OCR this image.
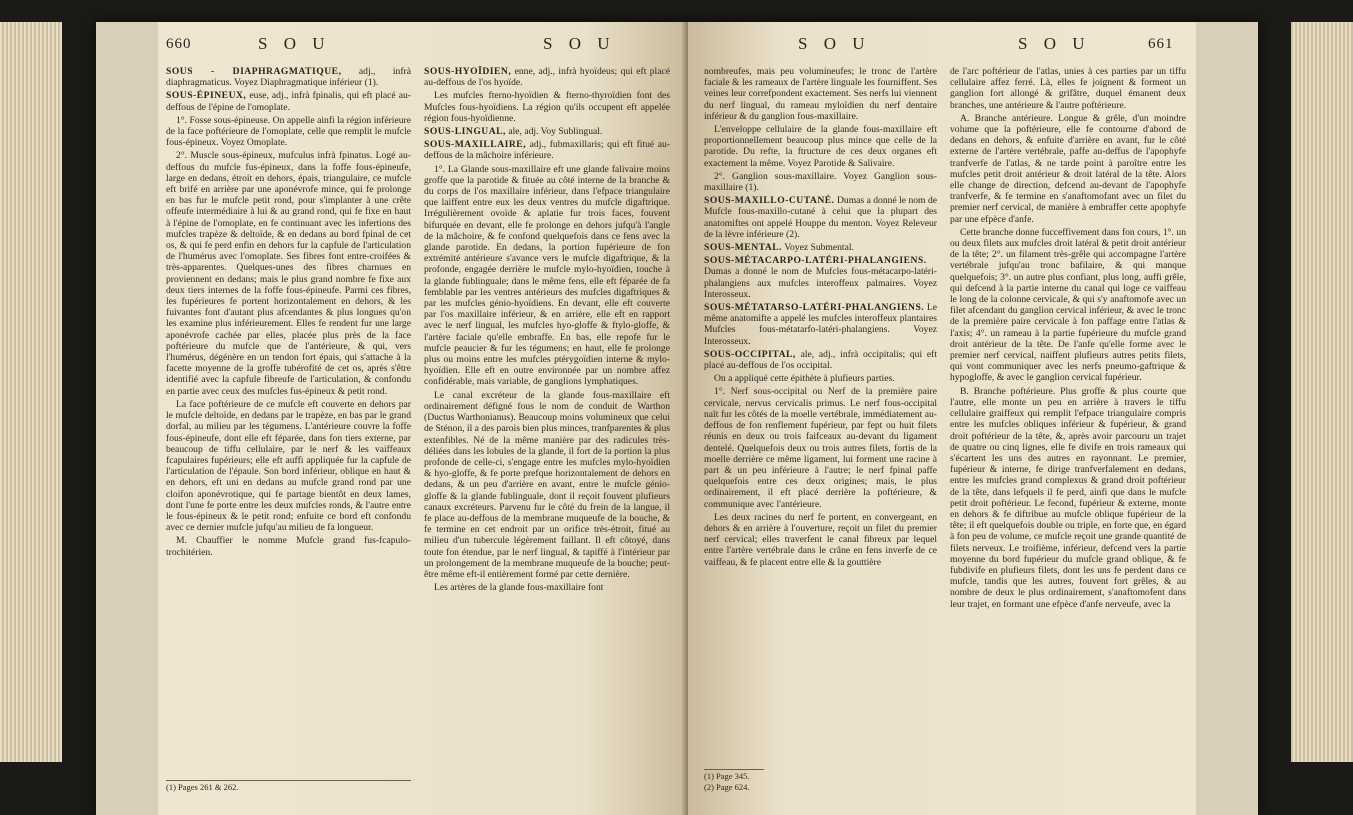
660	S O U	S O U

SOUS - DIAPHRAGMATIQUE, adj., infrà diaphragmaticus. Voyez Diaphragmatique inférieur (1).

SOUS-ÉPINEUX, euse, adj., infrà fpinalis, qui eft placé au-deffous de l'épine de l'omoplate.

1°. Fosse sous-épineuse. On appelle ainfi la région inférieure de la face poftérieure de l'omoplate, celle que remplit le mufcle fous-épineux. Voyez Omoplate.

2°. Muscle sous-épineux, mufculus infrà fpinatus. Logé au-deffous du mufcle fus-épineux, dans la foffe fous-épineufe, large en dedans, étroit en dehors, épais, triangulaire, ce mufcle eft brifé en arrière par une aponévrofe mince, qui fe prolonge en bas fur le mufcle petit rond, pour s'implanter à une crête offeufe intermédiaire à lui & au grand rond, qui fe fixe en haut à l'épine de l'omoplate, en fe continuant avec les infertions des mufcles trapèze & deltoïde, & en dedans au bord fpinal de cet os, & qui fe perd enfin en dehors fur la capfule de l'articulation de l'humérus avec l'omoplate. Ses fibres font entre-croifées & très-apparentes. Quelques-unes des fibres charnues en proviennent en dedans; mais le plus grand nombre fe fixe aux deux tiers internes de la foffe fous-épineufe. Parmi ces fibres, les fupérieures fe portent horizontalement en dehors, & les fuivantes font d'autant plus afcendantes & plus longues qu'on les examine plus inférieurement. Elles fe rendent fur une large aponévrofe cachée par elles, placée plus près de la face poftérieure du mufcle que de l'antérieure, & qui, vers l'humérus, dégénère en un tendon fort épais, qui s'attache à la facette moyenne de la groffe tubérofité de cet os, après s'être identifié avec la capfule fibreufe de l'articulation, & confondu en partie avec ceux des mufcles fus-épineux & petit rond.

La face poftérieure de ce mufcle eft couverte en dehors par le mufcle deltoïde, en dedans par le trapèze, en bas par le grand dorfal, au milieu par les tégumens. L'antérieure couvre la foffe fous-épineufe, dont elle eft féparée, dans fon tiers externe, par beaucoup de tiffu cellulaire, par le nerf & les vaiffeaux fcapulaires fupérieurs; elle eft auffi appliquée fur la capfule de l'articulation de l'épaule. Son bord inférieur, oblique en haut & en dehors, eft uni en dedans au mufcle grand rond par une cloifon aponévrotique, qui fe partage bientôt en deux lames, dont l'une fe porte entre les deux mufcles ronds, & l'autre entre le fous-épineux & le petit rond; enfuite ce bord eft confondu avec ce dernier mufcle jufqu'au milieu de fa longueur.

M. Chauffier le nomme Mufcle grand fus-fcapulo-trochitérien.

(1) Pages 261 & 262.

SOUS-HYOÏDIEN, enne, adj., infrà hyoïdeus; qui eft placé au-deffous de l'os hyoïde.

Les mufcles fterno-hyoïdien & fterno-thyroïdien font des Mufcles fous-hyoïdiens. La région qu'ils occupent eft appelée région fous-hyoïdienne.

SOUS-LINGUAL, ale, adj. Voy Sublingual.

SOUS-MAXILLAIRE, adj., fubmaxillaris; qui eft fitué au-deffous de la mâchoire inférieure.

1°. La Glande sous-maxillaire eft une glande falivaire moins groffe que la parotide & fituée au côté interne de la branche & du corps de l'os maxillaire inférieur, dans l'efpace triangulaire que laiffent entre eux les deux ventres du mufcle digaftrique. Irrégulièrement ovoïde & aplatie fur trois faces, fouvent bifurquée en devant, elle fe prolonge en dehors jufqu'à l'angle de la mâchoire, & fe confond quelquefois dans ce fens avec la glande parotide. En dedans, la portion fupérieure de fon extrémité antérieure s'avance vers le mufcle digaftrique, & la profonde, engagée derrière le mufcle mylo-hyoïdien, touche à la glande fublinguale; dans le même fens, elle eft féparée de fa femblable par les ventres antérieurs des mufcles digaftriques & par les mufcles génio-hyoïdiens. En devant, elle eft couverte par l'os maxillaire inférieur, & en arrière, elle eft en rapport avec le nerf lingual, les mufcles hyo-gloffe & ftylo-gloffe, & l'artère faciale qu'elle embraffe. En bas, elle repofe fur le mufcle peaucier & fur les tégumens; en haut, elle fe prolonge plus ou moins entre les mufcles ptérygoïdien interne & mylo-hyoïdien. Elle eft en outre environnée par un nombre affez confidérable, mais variable, de ganglions lymphatiques.

Le canal excréteur de la glande fous-maxillaire eft ordinairement défigné fous le nom de conduit de Warthon (Ductus Warthonianus). Beaucoup moins volumineux que celui de Sténon, il a des parois bien plus minces, tranfparentes & plus extenfibles. Né de la même manière par des radicules très-déliées dans les lobules de la glande, il fort de la portion la plus profonde de celle-ci, s'engage entre les mufcles mylo-hyoïdien & hyo-gloffe, & fe porte prefque horizontalement de dehors en dedans, & un peu d'arrière en avant, entre le mufcle génio-gloffe & la glande fublinguale, dont il reçoit fouvent plufieurs canaux excréteurs. Parvenu fur le côté du frein de la langue, il fe place au-deffous de la membrane muqueufe de la bouche, & fe termine en cet endroit par un orifice très-étroit, fitué au milieu d'un tubercule légèrement faillant. Il eft côtoyé, dans toute fon étendue, par le nerf lingual, & tapiffé à l'intérieur par un prolongement de la membrane muqueufe de la bouche; peut-être même eft-il entièrement formé par cette dernière.

Les artères de la glande fous-maxillaire font

S O U	S O U	661

nombreufes, mais peu volumineufes; le tronc de l'artère faciale & les rameaux de l'artère linguale les fourniffent. Ses veines leur correfpondent exactement. Ses nerfs lui viennent du nerf lingual, du rameau myloïdien du nerf dentaire inférieur & du ganglion fous-maxillaire.

L'enveloppe cellulaire de la glande fous-maxillaire eft proportionnellement beaucoup plus mince que celle de la parotide. Du refte, la ftructure de ces deux organes eft exactement la même. Voyez Parotide & Salivaire.

2°. Ganglion sous-maxillaire. Voyez Ganglion sous-maxillaire (1).

SOUS-MAXILLO-CUTANÉ. Dumas a donné le nom de Mufcle fous-maxillo-cutané à celui que la plupart des anatomiftes ont appelé Houppe du menton. Voyez Releveur de la lèvre inférieure (2).

SOUS-MENTAL. Voyez Submental.

SOUS-MÉTACARPO-LATÉRI-PHALANGIENS. Dumas a donné le nom de Mufcles fous-métacarpo-latéri-phalangiens aux mufcles interoffeux palmaires. Voyez Interosseux.

SOUS-MÉTATARSO-LATÉRI-PHALANGIENS. Le même anatomifte a appelé les mufcles interoffeux plantaires Mufcles fous-métatarfo-latéri-phalangiens. Voyez Interosseux.

SOUS-OCCIPITAL, ale, adj., infrà occipitalis; qui eft placé au-deffous de l'os occipital.

On a appliqué cette épithète à plufieurs parties.

1°. Nerf sous-occipital ou Nerf de la première paire cervicale, nervus cervicalis primus. Le nerf fous-occipital naît fur les côtés de la moelle vertébrale, immédiatement au-deffous de fon renflement fupérieur, par fept ou huit filets réunis en deux ou trois faifceaux au-devant du ligament dentelé. Quelquefois deux ou trois autres filets, fortis de la moelle derrière ce même ligament, lui forment une racine à part & un peu inférieure à l'autre; le nerf fpinal paffe quelquefois entre ces deux origines; mais, le plus ordinairement, il eft placé derrière la poftérieure, & communique avec l'antérieure.

Les deux racines du nerf fe portent, en convergeant, en dehors & en arrière à l'ouverture, reçoit un filet du premier nerf cervical; elles traverfent le canal fibreux par lequel entre l'artère vertébrale dans le crâne en fens inverfe de ce vaiffeau, & fe placent entre elle & la gouttière

(1) Page 345.
(2) Page 624.

de l'arc poftérieur de l'atlas, unies à ces parties par un tiffu cellulaire affez ferré. Là, elles fe joignent & forment un ganglion fort allongé & grifâtre, duquel émanent deux branches, une antérieure & l'autre poftérieure.

A. Branche antérieure. Longue & grêle, d'un moindre volume que la poftérieure, elle fe contourne d'abord de dedans en dehors, & enfuite d'arrière en avant, fur le côté externe de l'artère vertébrale, paffe au-deffus de l'apophyfe tranfverfe de l'atlas, & ne tarde point à paroître entre les mufcles petit droit antérieur & droit latéral de la tête. Alors elle change de direction, defcend au-devant de l'apophyfe tranfverfe, & fe termine en s'anaftomofant avec un filet du premier nerf cervical, de manière à embraffer cette apophyfe par une efpèce d'anfe.

Cette branche donne fucceffivement dans fon cours, 1°. un ou deux filets aux mufcles droit latéral & petit droit antérieur de la tête; 2°. un filament très-grêle qui accompagne l'artère vertébrale jufqu'au tronc bafilaire, & qui manque quelquefois; 3°. un autre plus confiant, plus long, auffi grêle, qui defcend à la partie interne du canal qui loge ce vaiffeau le long de la colonne cervicale, & qui s'y anaftomofe avec un filet afcendant du ganglion cervical inférieur, & avec le tronc de la première paire cervicale à fon paffage entre l'atlas & l'axis; 4°. un rameau à la partie fupérieure du mufcle grand droit antérieur de la tête. De l'anfe qu'elle forme avec le premier nerf cervical, naiffent plufieurs autres petits filets, qui vont communiquer avec les nerfs pneumo-gaftrique & hypogloffe, & avec le ganglion cervical fupérieur.

B. Branche poftérieure. Plus groffe & plus courte que l'autre, elle monte un peu en arrière à travers le tiffu cellulaire graiffeux qui remplit l'efpace triangulaire compris entre les mufcles obliques inférieur & fupérieur, & grand droit poftérieur de la tête, &, après avoir parcouru un trajet de quatre ou cinq lignes, elle fe divife en trois rameaux qui s'écartent les uns des autres en rayonnant. Le premier, fupérieur & interne, fe dirige tranfverfalement en dedans, entre les mufcles grand complexus & grand droit poftérieur de la tête, dans lefquels il fe perd, ainfi que dans le mufcle petit droit poftérieur. Le fecond, fupérieur & externe, monte en dehors & fe diftribue au mufcle oblique fupérieur de la tête; il eft quelquefois double ou triple, en forte que, en égard à fon peu de volume, ce mufcle reçoit une grande quantité de filets nerveux. Le troifième, inférieur, defcend vers la partie moyenne du bord fupérieur du mufcle grand oblique, & fe fubdivife en plufieurs filets, dont les uns fe perdent dans ce mufcle, tandis que les autres, fouvent fort grêles, & au nombre de deux le plus ordinairement, s'anaftomofent dans leur trajet, en formant une efpèce d'anfe nerveufe, avec la
